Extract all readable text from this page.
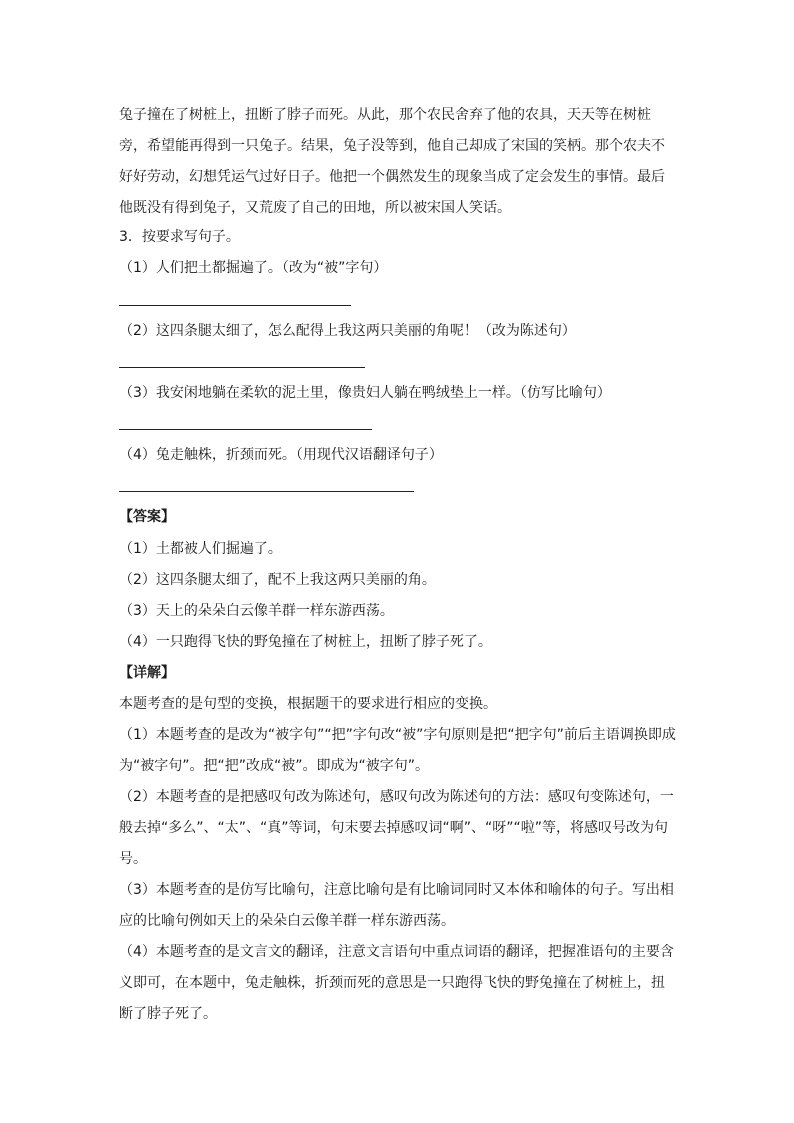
兔子撞在了树桩上，扭断了脖子而死。从此，那个农民舍弃了他的农具，天天等在树桩

旁，希望能再得到一只兔子。结果，兔子没等到，他自己却成了宋国的笑柄。那个农夫不

好好劳动，幻想凭运气过好日子。他把一个偶然发生的现象当成了定会发生的事情。最后

他既没有得到兔子，又荒废了自己的田地，所以被宋国人笑话。

3．按要求写句子。
（1）人们把土都掘遍了。（改为“被”字句）
（2）这四条腿太细了，怎么配得上我这两只美丽的角呢！（改为陈述句）
（3）我安闲地躺在柔软的泥土里，像贵妇人躺在鸭绒垫上一样。（仿写比喻句）
（4）兔走触株，折颈而死。（用现代汉语翻译句子）
【答案】
（1）土都被人们掘遍了。
（2）这四条腿太细了，配不上我这两只美丽的角。
（3）天上的朵朵白云像羊群一样东游西荡。
（4）一只跑得飞快的野兔撞在了树桩上，扭断了脖子死了。
【详解】
本题考查的是句型的变换，根据题干的要求进行相应的变换。
（1）本题考查的是改为“被字句”“把”字句改“被”字句原则是把“把字句”前后主语调换即成
为“被字句”。把“把”改成“被”。即成为“被字句”。
（2）本题考查的是把感叹句改为陈述句，感叹句改为陈述句的方法：感叹句变陈述句，一
般去掉“多么”、“太”、“真”等词，句末要去掉感叹词“啊”、“呀”“啦”等，将感叹号改为句
号。
（3）本题考查的是仿写比喻句，注意比喻句是有比喻词同时又本体和喻体的句子。写出相
应的比喻句例如天上的朵朵白云像羊群一样东游西荡。
（4）本题考查的是文言文的翻译，注意文言语句中重点词语的翻译，把握准语句的主要含
义即可，在本题中，兔走触株，折颈而死的意思是一只跑得飞快的野兔撞在了树桩上，扭
断了脖子死了。
